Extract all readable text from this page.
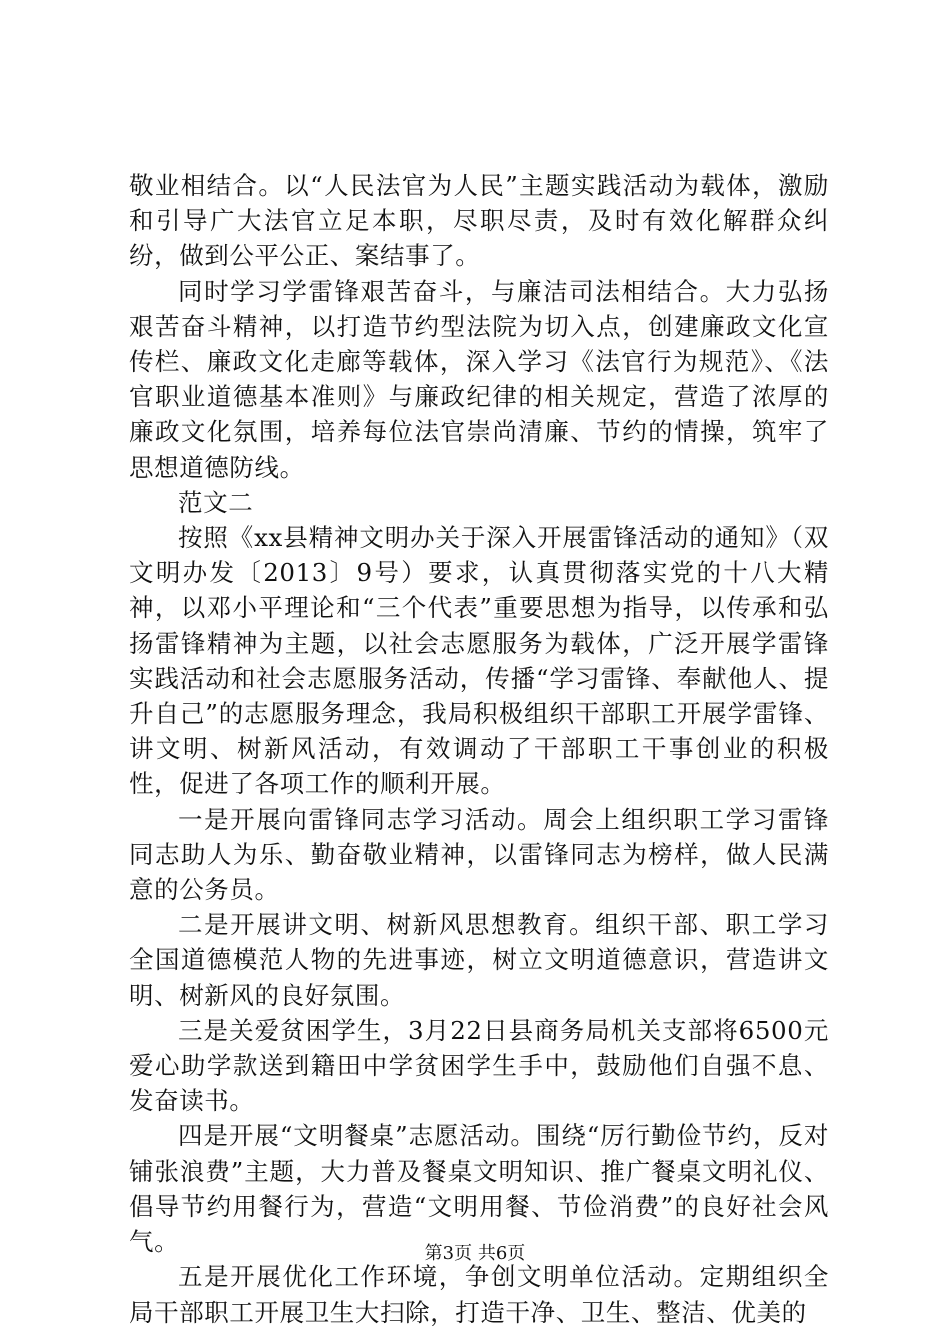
敬业相结合。以“人民法官为人民”主题实践活动为载体，激励和引导广大法官立足本职，尽职尽责，及时有效化解群众纠纷，做到公平公正、案结事了。

同时学习学雷锋艰苦奋斗，与廉洁司法相结合。大力弘扬艰苦奋斗精神，以打造节约型法院为切入点，创建廉政文化宣传栏、廉政文化走廊等载体，深入学习《法官行为规范》、《法官职业道德基本准则》与廉政纪律的相关规定，营造了浓厚的廉政文化氛围，培养每位法官崇尚清廉、节约的情操，筑牢了思想道德防线。

范文二

按照《xx县精神文明办关于深入开展雷锋活动的通知》（双文明办发〔2013〕9号）要求，认真贯彻落实党的十八大精神，以邓小平理论和“三个代表”重要思想为指导，以传承和弘扬雷锋精神为主题，以社会志愿服务为载体，广泛开展学雷锋实践活动和社会志愿服务活动，传播“学习雷锋、奉献他人、提升自己”的志愿服务理念，我局积极组织干部职工开展学雷锋、讲文明、树新风活动，有效调动了干部职工干事创业的积极性，促进了各项工作的顺利开展。

一是开展向雷锋同志学习活动。周会上组织职工学习雷锋同志助人为乐、勤奋敬业精神，以雷锋同志为榜样，做人民满意的公务员。

二是开展讲文明、树新风思想教育。组织干部、职工学习全国道德模范人物的先进事迹，树立文明道德意识，营造讲文明、树新风的良好氛围。

三是关爱贫困学生，3月22日县商务局机关支部将6500元爱心助学款送到籍田中学贫困学生手中，鼓励他们自强不息、发奋读书。

四是开展“文明餐桌”志愿活动。围绕“厉行勤俭节约，反对铺张浪费”主题，大力普及餐桌文明知识、推广餐桌文明礼仪、倡导节约用餐行为，营造“文明用餐、节俭消费”的良好社会风气。

五是开展优化工作环境，争创文明单位活动。定期组织全局干部职工开展卫生大扫除，打造干净、卫生、整洁、优美的

第3页 共6页
